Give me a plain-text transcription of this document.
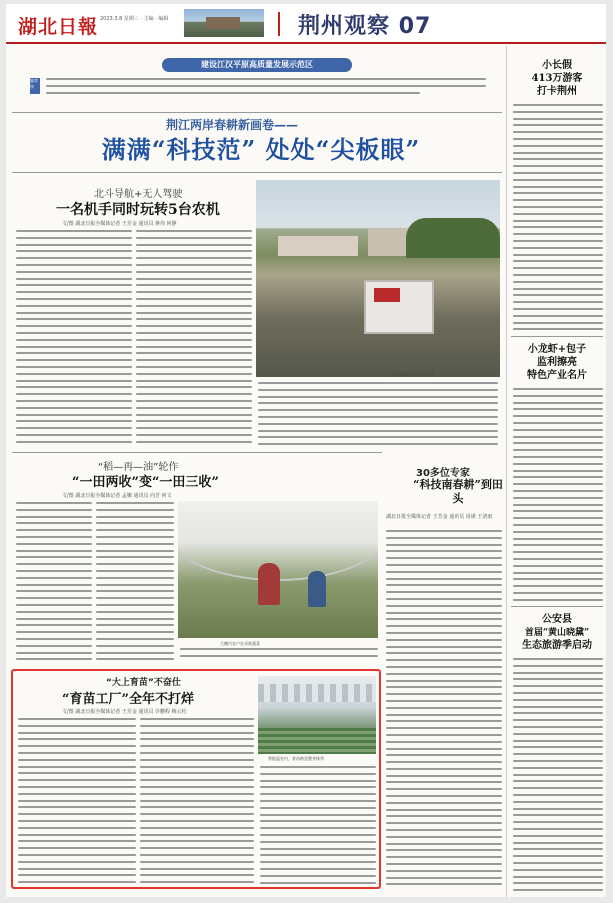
湖北日報 2023.3.8 星期三 · 主编 · 编辑	荆州观察 07
建设江汉平原高质量发展示范区
编者按
荆江两岸春耕新画卷——
满满“科技范” 处处“尖板眼”
北斗导航+无人驾驶
一名机手同时玩转5台农机
文/图 湖北日报全媒体记者 王芳金 通讯员 蒋伟 何静
无人驾驶插秧机在田间作业
“稻—再—油”轮作
“一田两收”变“一田三收”
文/图 湖北日报全媒体记者 孟娜 通讯员 向芳 何文
大棚内农户在采收蔬菜
30多位专家
“科技南春耕”到田头
湖北日报全媒体记者 王芳金 通讯员 周谨 王清雨
“大上育苗”不奋仕
“育苗工厂”全年不打烊
文/图 湖北日报全媒体记者 王芳金 通讯员 许鹏程 梅云松
智能温室内，育苗秧盘整齐排列
小长假
413万游客
打卡荆州
小龙虾+包子
监利擦亮
特色产业名片
公安县
首届“黄山晓黛”
生态旅游季启动
